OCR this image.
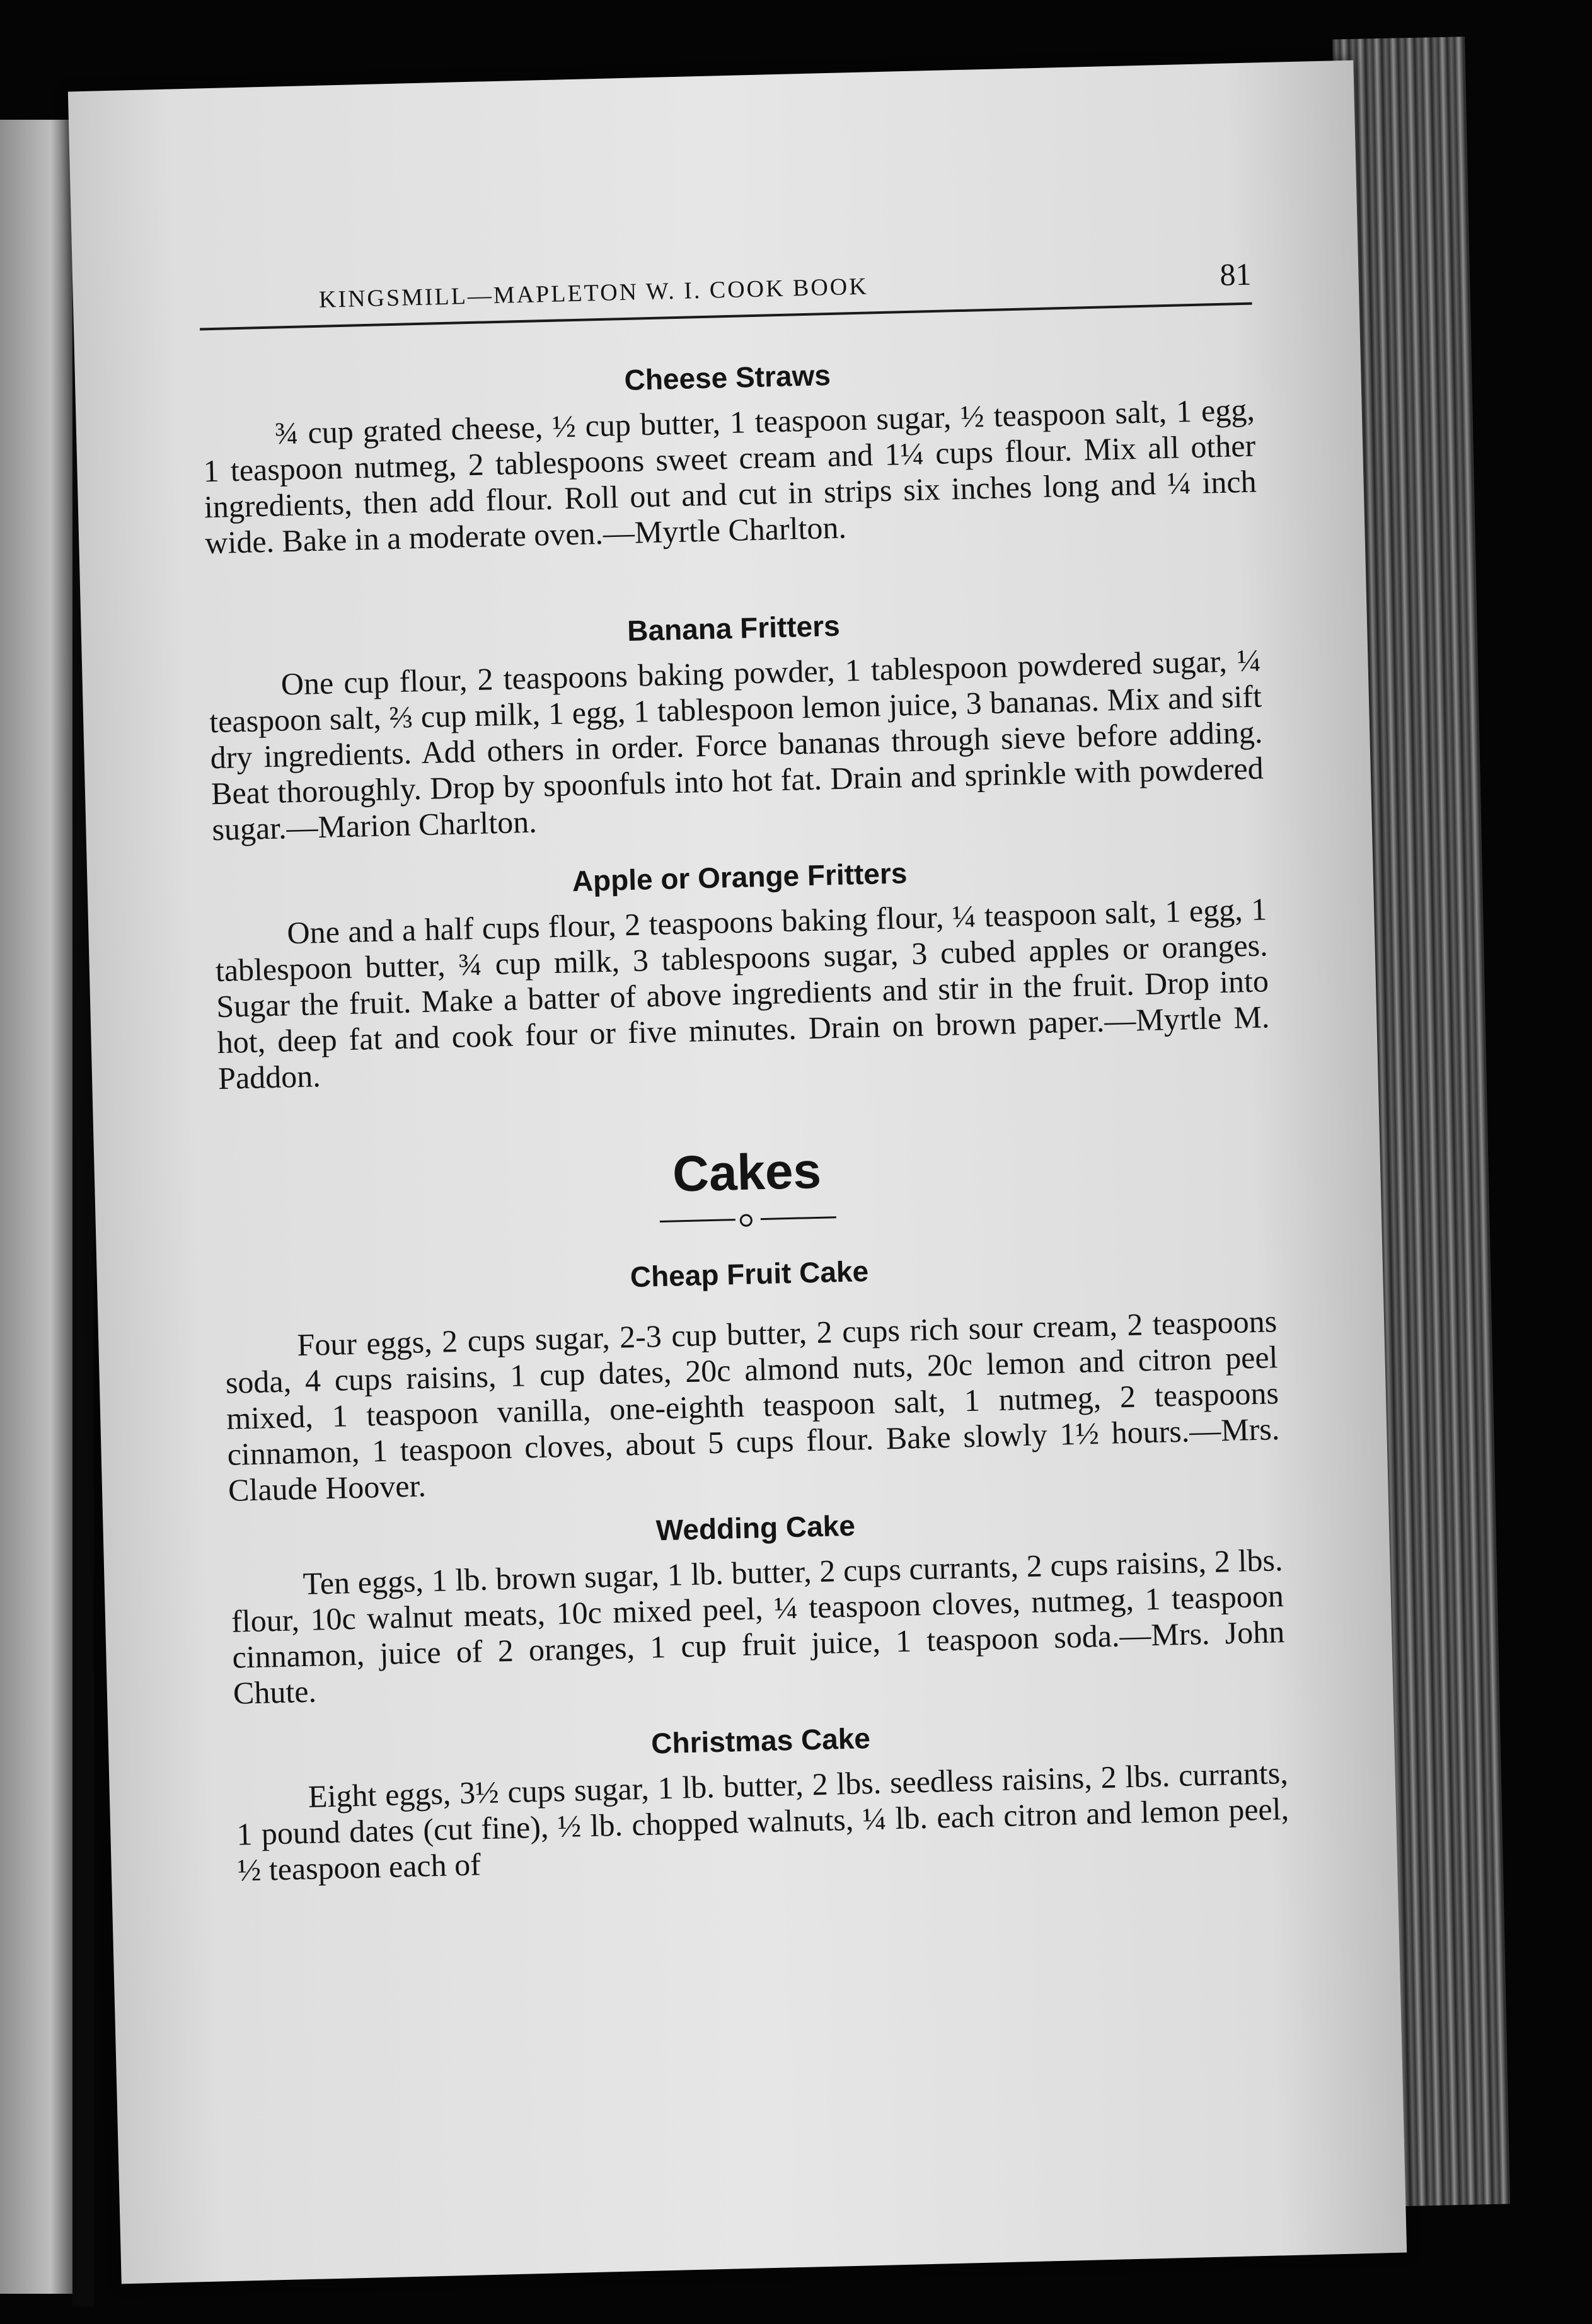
KINGSMILL—MAPLETON W. I. COOK BOOK	81
Cheese Straws

¾ cup grated cheese, ½ cup butter, 1 teaspoon sugar, ½ teaspoon salt, 1 egg, 1 teaspoon nutmeg, 2 tablespoons sweet cream and 1¼ cups flour. Mix all other ingredients, then add flour. Roll out and cut in strips six inches long and ¼ inch wide. Bake in a moderate oven.—Myrtle Charlton.

Banana Fritters

One cup flour, 2 teaspoons baking powder, 1 tablespoon powdered sugar, ¼ teaspoon salt, ⅔ cup milk, 1 egg, 1 tablespoon lemon juice, 3 bananas. Mix and sift dry ingredients. Add others in order. Force bananas through sieve before adding. Beat thoroughly. Drop by spoonfuls into hot fat. Drain and sprinkle with powdered sugar.—Marion Charlton.

Apple or Orange Fritters

One and a half cups flour, 2 teaspoons baking flour, ¼ teaspoon salt, 1 egg, 1 tablespoon butter, ¾ cup milk, 3 tablespoons sugar, 3 cubed apples or oranges. Sugar the fruit. Make a batter of above ingredients and stir in the fruit. Drop into hot, deep fat and cook four or five minutes. Drain on brown paper.—Myrtle M. Paddon.

Cakes
Cheap Fruit Cake

Four eggs, 2 cups sugar, 2-3 cup butter, 2 cups rich sour cream, 2 teaspoons soda, 4 cups raisins, 1 cup dates, 20c almond nuts, 20c lemon and citron peel mixed, 1 teaspoon vanilla, one-eighth teaspoon salt, 1 nutmeg, 2 teaspoons cinnamon, 1 teaspoon cloves, about 5 cups flour. Bake slowly 1½ hours.—Mrs. Claude Hoover.

Wedding Cake

Ten eggs, 1 lb. brown sugar, 1 lb. butter, 2 cups currants, 2 cups raisins, 2 lbs. flour, 10c walnut meats, 10c mixed peel, ¼ teaspoon cloves, nutmeg, 1 teaspoon cinnamon, juice of 2 oranges, 1 cup fruit juice, 1 teaspoon soda.—Mrs. John Chute.

Christmas Cake

Eight eggs, 3½ cups sugar, 1 lb. butter, 2 lbs. seedless raisins, 2 lbs. currants, 1 pound dates (cut fine), ½ lb. chopped walnuts, ¼ lb. each citron and lemon peel, ½ teaspoon each of
